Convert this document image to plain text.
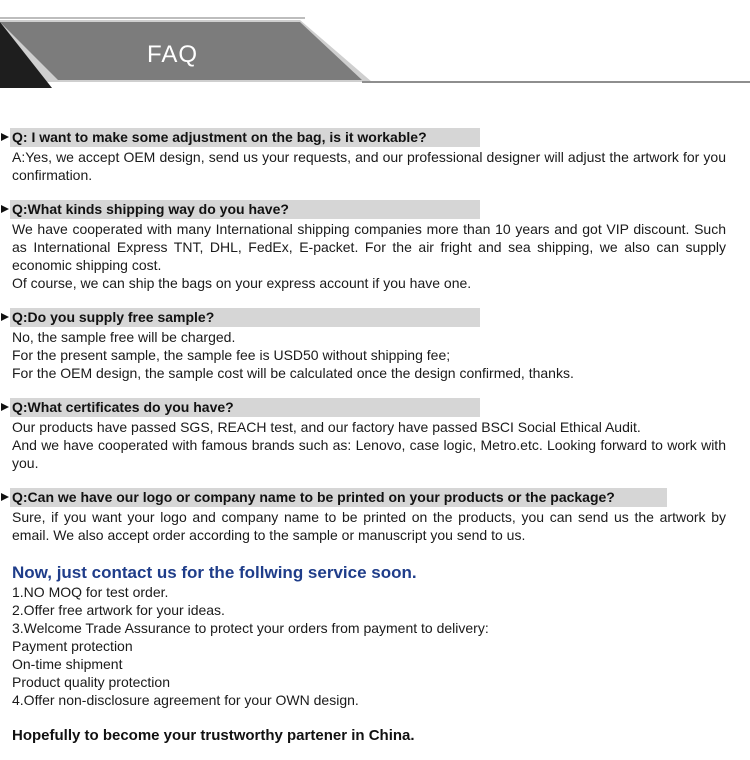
FAQ
Q: I want to make some adjustment on the bag, is it workable?

A:Yes, we accept OEM design, send us your requests, and our professional designer will adjust the artwork for you confirmation.

Q:What kinds shipping way do you have?

We have cooperated with many International shipping companies more than 10 years and got VIP discount. Such as International Express TNT, DHL, FedEx, E-packet. For the air fright and sea shipping, we also can supply economic shipping cost.

Of course, we can ship the bags on your express account if you have one.

Q:Do you supply free sample?

No, the sample free will be charged.

For the present sample, the sample fee is USD50 without shipping fee;

For the OEM design, the sample cost will be calculated once the design confirmed, thanks.

Q:What certificates do you have?

Our products have passed SGS, REACH test, and our factory have passed BSCI Social Ethical Audit.

And we have cooperated with famous brands such as: Lenovo, case logic, Metro.etc. Looking forward to work with you.

Q:Can we have our logo or company name to be printed on your products or the package?

Sure, if you want your logo and company name to be printed on the products, you can send us the artwork by email. We also accept order according to the sample or manuscript you send to us.

Now, just contact us for the follwing service soon.
1.NO MOQ for test order.
2.Offer free artwork for your ideas.
3.Welcome Trade Assurance to protect your orders from payment to delivery:
Payment protection
On-time shipment
Product quality protection
4.Offer non-disclosure agreement for your OWN design.
Hopefully to become your trustworthy partener in China.
